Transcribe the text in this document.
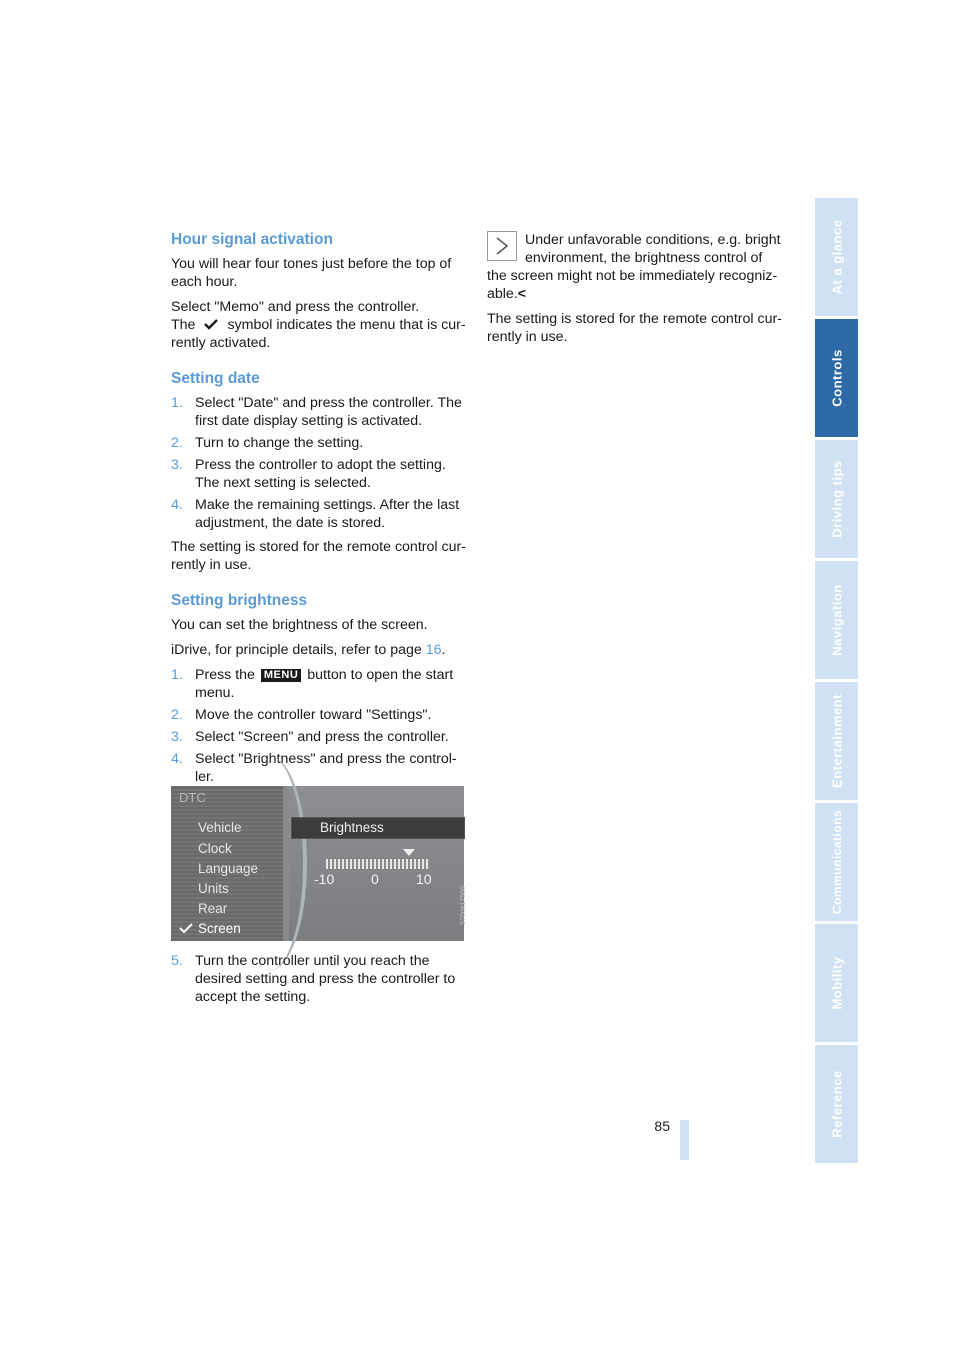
Hour signal activation

You will hear four tones just before the top of each hour.

Select "Memo" and press the controller.

The symbol indicates the menu that is cur-rently activated.

Setting date
1. Select "Date" and press the controller. The first date display setting is activated.
2. Turn to change the setting.
3. Press the controller to adopt the setting. The next setting is selected.
4. Make the remaining settings. After the last adjustment, the date is stored.

The setting is stored for the remote control cur-rently in use.

Setting brightness

You can set the brightness of the screen.

iDrive, for principle details, refer to page 16.

1. Press the MENU button to open the start menu.
2. Move the controller toward "Settings".
3. Select "Screen" and press the controller.
4. Select "Brightness" and press the control-ler.
DTC
Vehicle
Clock
Language
Units
Rear
Screen
Brightness
-10	0	10
570de17966
5. Turn the controller until you reach the desired setting and press the controller to accept the setting.

Under unfavorable conditions, e.g. bright environment, the brightness control of the screen might not be immediately recogniz-able.<

The setting is stored for the remote control cur-rently in use.

At a glance
Controls
Driving tips
Navigation
Entertainment
Communications
Mobility
Reference
85
